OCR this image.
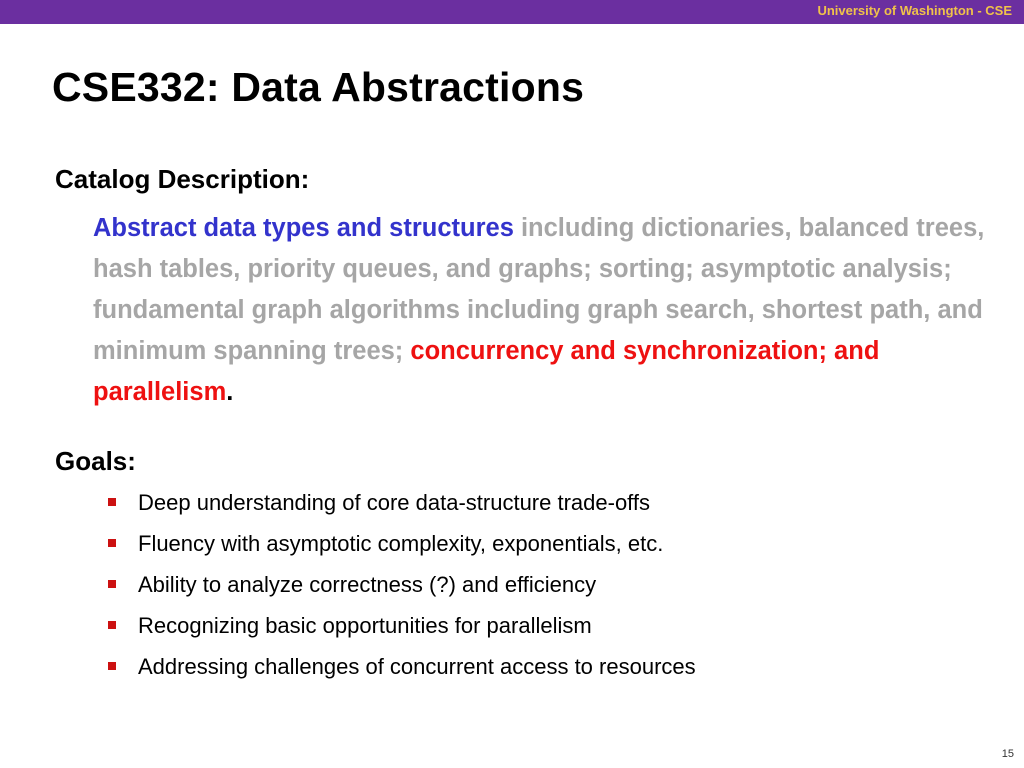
University of Washington - CSE
CSE332: Data Abstractions
Catalog Description:
Abstract data types and structures including dictionaries, balanced trees, hash tables, priority queues, and graphs; sorting; asymptotic analysis; fundamental graph algorithms including graph search, shortest path, and minimum spanning trees; concurrency and synchronization; and parallelism.
Goals:
Deep understanding of core data-structure trade-offs
Fluency with asymptotic complexity, exponentials, etc.
Ability to analyze correctness (?) and efficiency
Recognizing basic opportunities for parallelism
Addressing challenges of concurrent access to resources
15
